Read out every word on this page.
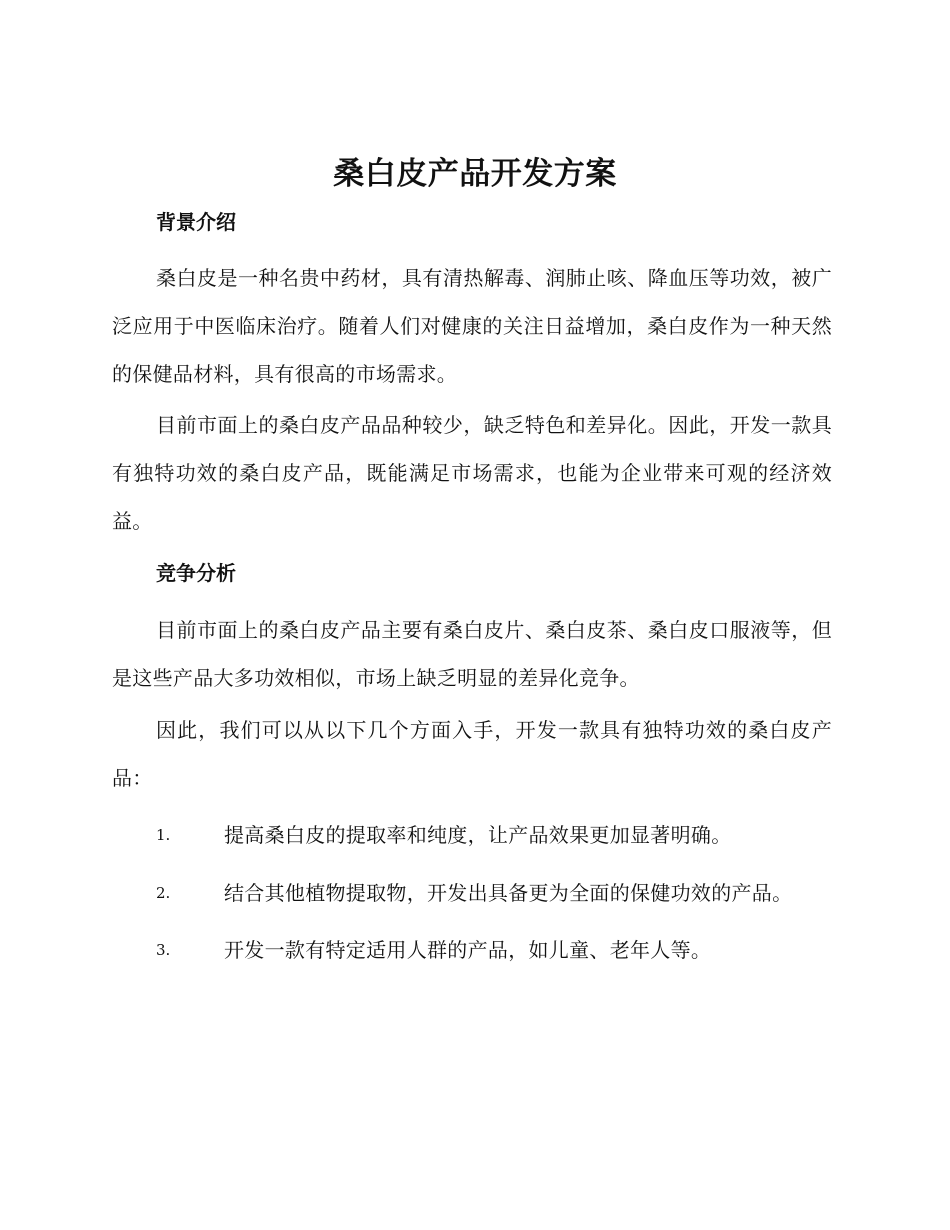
桑白皮产品开发方案
背景介绍
桑白皮是一种名贵中药材，具有清热解毒、润肺止咳、降血压等功效，被广泛应用于中医临床治疗。随着人们对健康的关注日益增加，桑白皮作为一种天然的保健品材料，具有很高的市场需求。
目前市面上的桑白皮产品品种较少，缺乏特色和差异化。因此，开发一款具有独特功效的桑白皮产品，既能满足市场需求，也能为企业带来可观的经济效益。
竞争分析
目前市面上的桑白皮产品主要有桑白皮片、桑白皮茶、桑白皮口服液等，但是这些产品大多功效相似，市场上缺乏明显的差异化竞争。
因此，我们可以从以下几个方面入手，开发一款具有独特功效的桑白皮产品：
1.	提高桑白皮的提取率和纯度，让产品效果更加显著明确。
2.	结合其他植物提取物，开发出具备更为全面的保健功效的产品。
3.	开发一款有特定适用人群的产品，如儿童、老年人等。
